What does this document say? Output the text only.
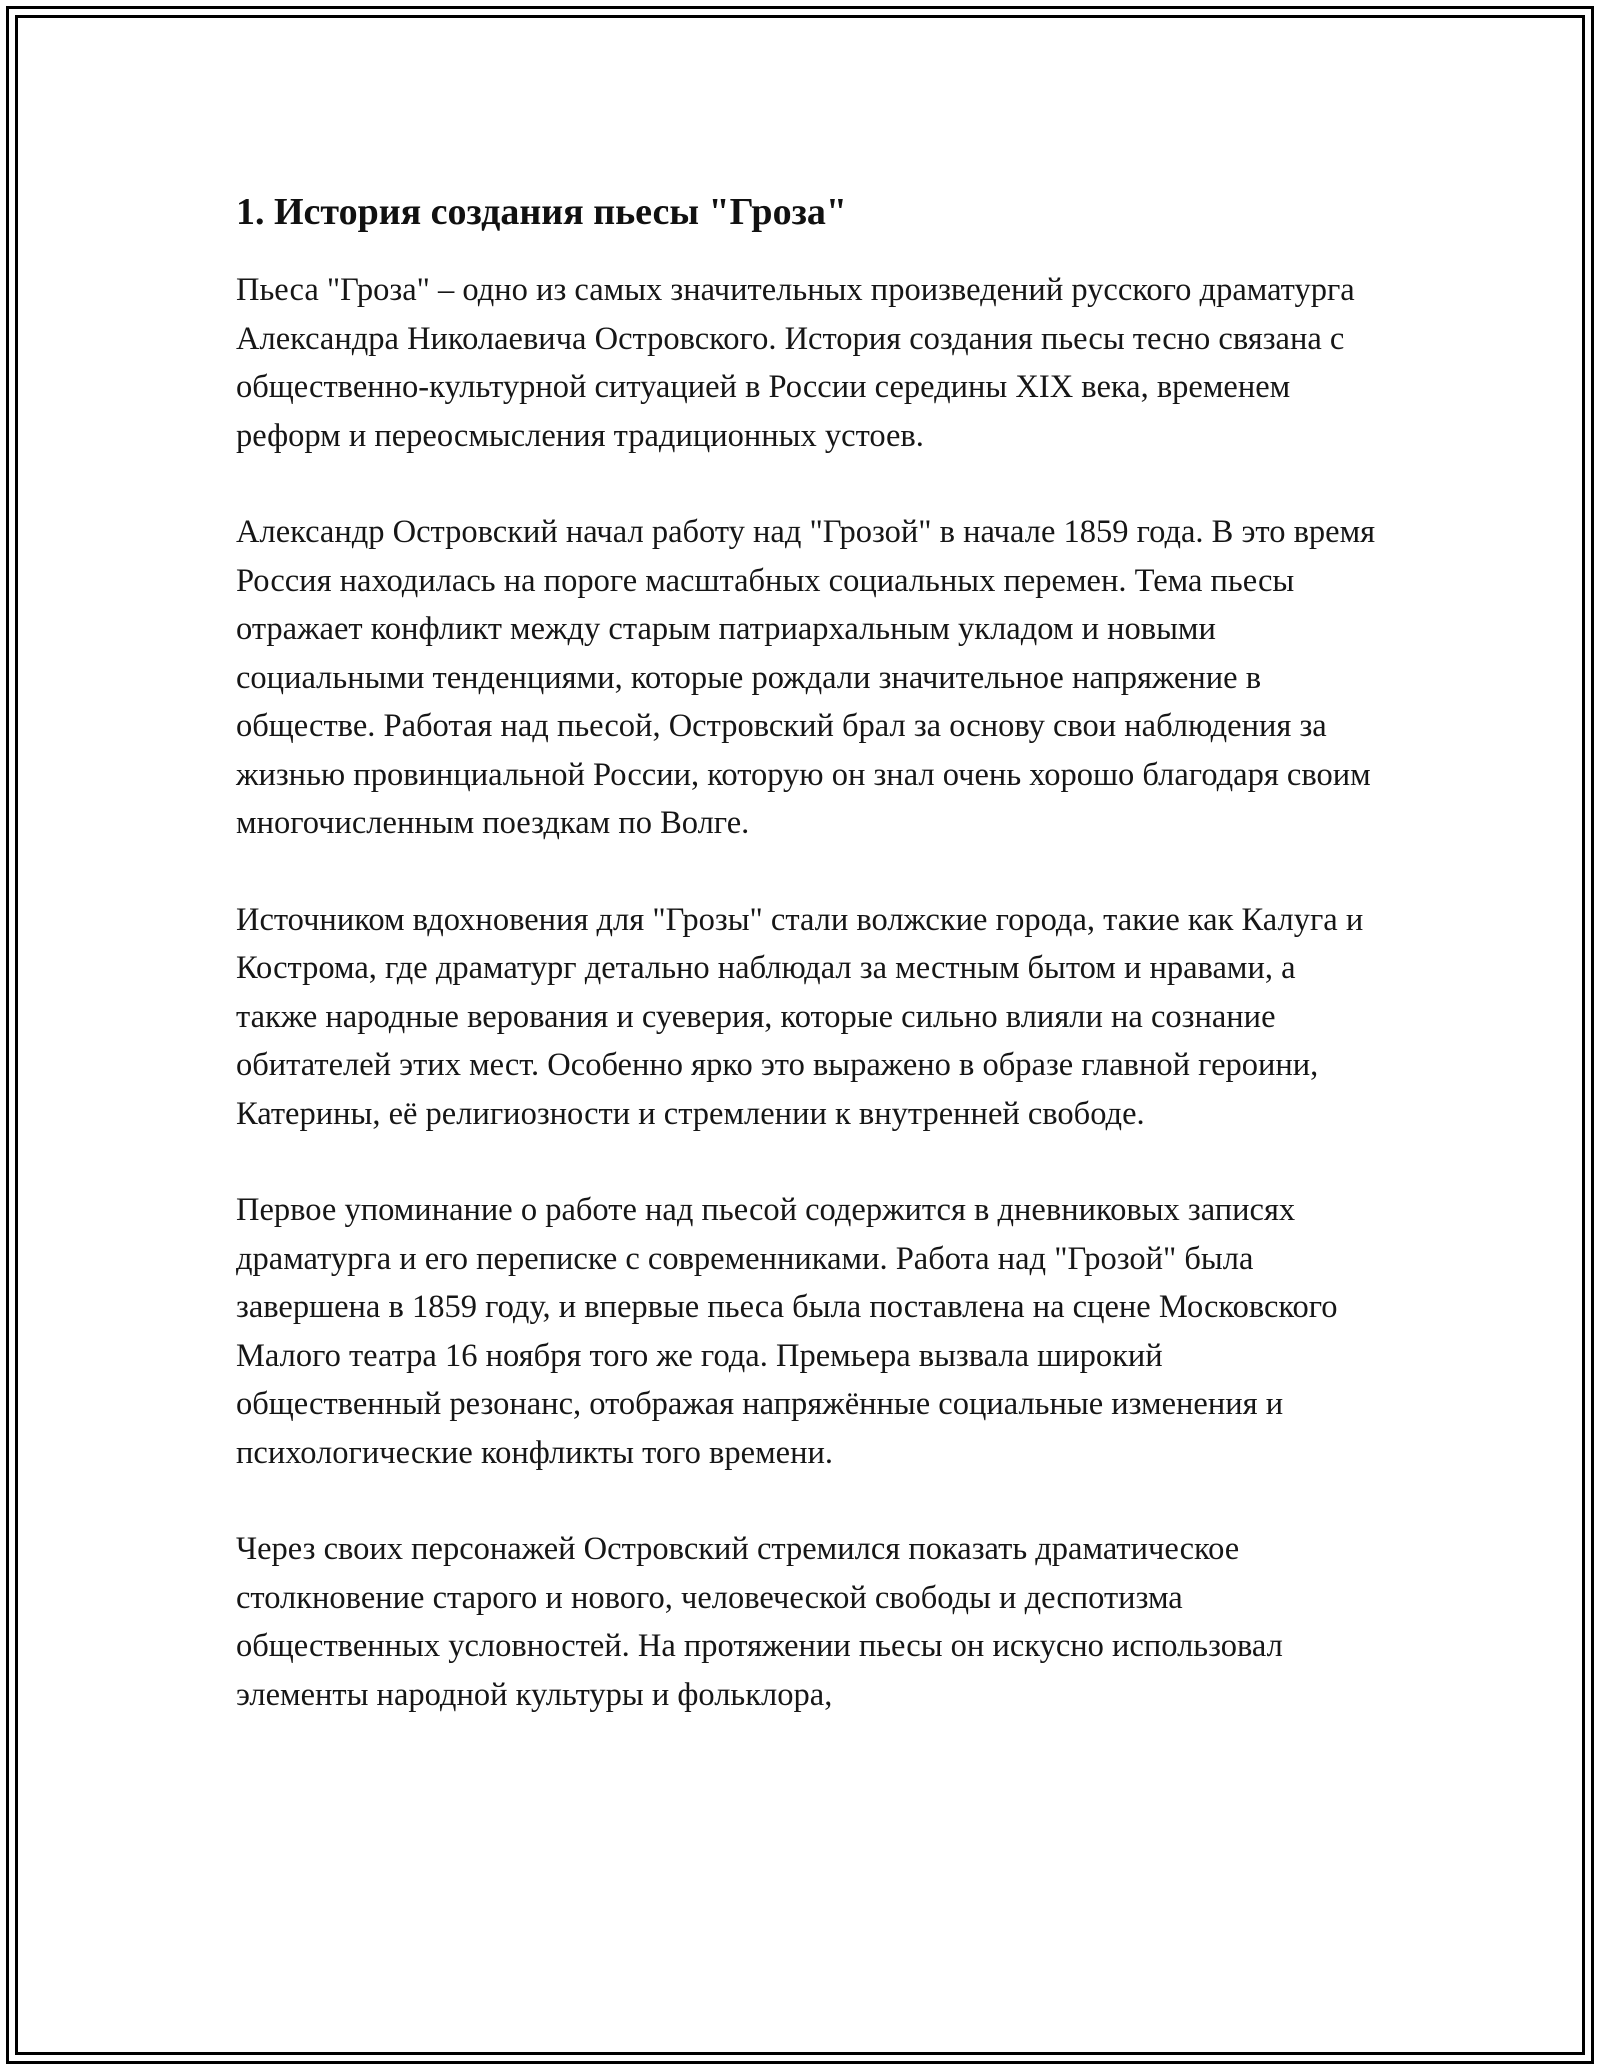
1. История создания пьесы "Гроза"

Пьеса "Гроза" – одно из самых значительных произведений русского драматурга Александра Николаевича Островского. История создания пьесы тесно связана с общественно-культурной ситуацией в России середины XIX века, временем реформ и переосмысления традиционных устоев.

Александр Островский начал работу над "Грозой" в начале 1859 года. В это время Россия находилась на пороге масштабных социальных перемен. Тема пьесы отражает конфликт между старым патриархальным укладом и новыми социальными тенденциями, которые рождали значительное напряжение в обществе. Работая над пьесой, Островский брал за основу свои наблюдения за жизнью провинциальной России, которую он знал очень хорошо благодаря своим многочисленным поездкам по Волге.

Источником вдохновения для "Грозы" стали волжские города, такие как Калуга и Кострома, где драматург детально наблюдал за местным бытом и нравами, а также народные верования и суеверия, которые сильно влияли на сознание обитателей этих мест. Особенно ярко это выражено в образе главной героини, Катерины, её религиозности и стремлении к внутренней свободе.

Первое упоминание о работе над пьесой содержится в дневниковых записях драматурга и его переписке с современниками. Работа над "Грозой" была завершена в 1859 году, и впервые пьеса была поставлена на сцене Московского Малого театра 16 ноября того же года. Премьера вызвала широкий общественный резонанс, отображая напряжённые социальные изменения и психологические конфликты того времени.

Через своих персонажей Островский стремился показать драматическое столкновение старого и нового, человеческой свободы и деспотизма общественных условностей. На протяжении пьесы он искусно использовал элементы народной культуры и фольклора,
